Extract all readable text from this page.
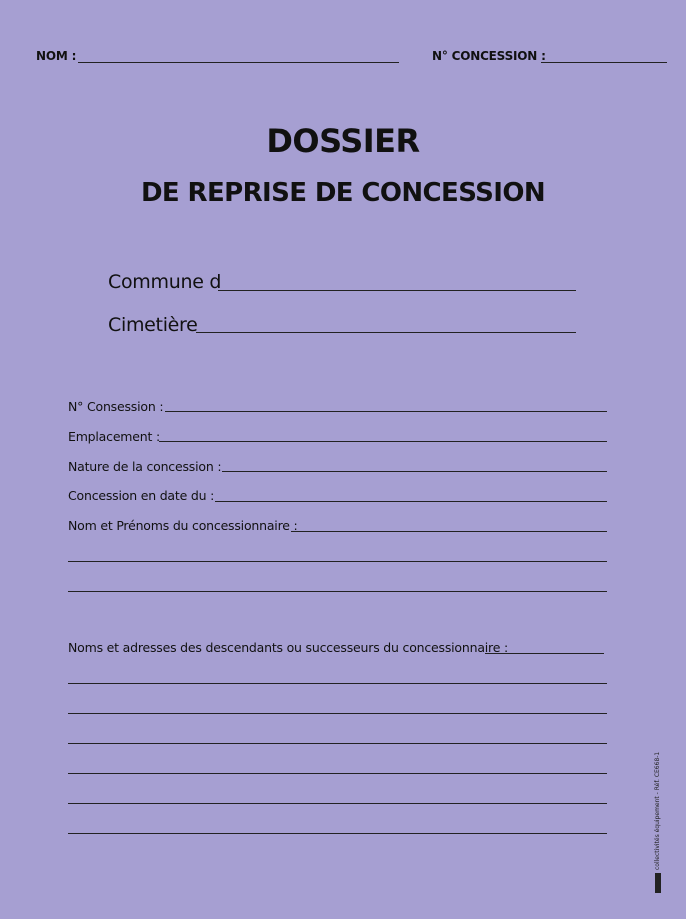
NOM :	N° CONCESSION :
DOSSIER
DE REPRISE DE CONCESSION
Commune d
Cimetière
N° Consession :
Emplacement :
Nature de la concession :
Concession en date du :
Nom et Prénoms du concessionnaire :
Noms et adresses des descendants ou successeurs du concessionnaire :
collectivités équipement - Réf. CE668-1
